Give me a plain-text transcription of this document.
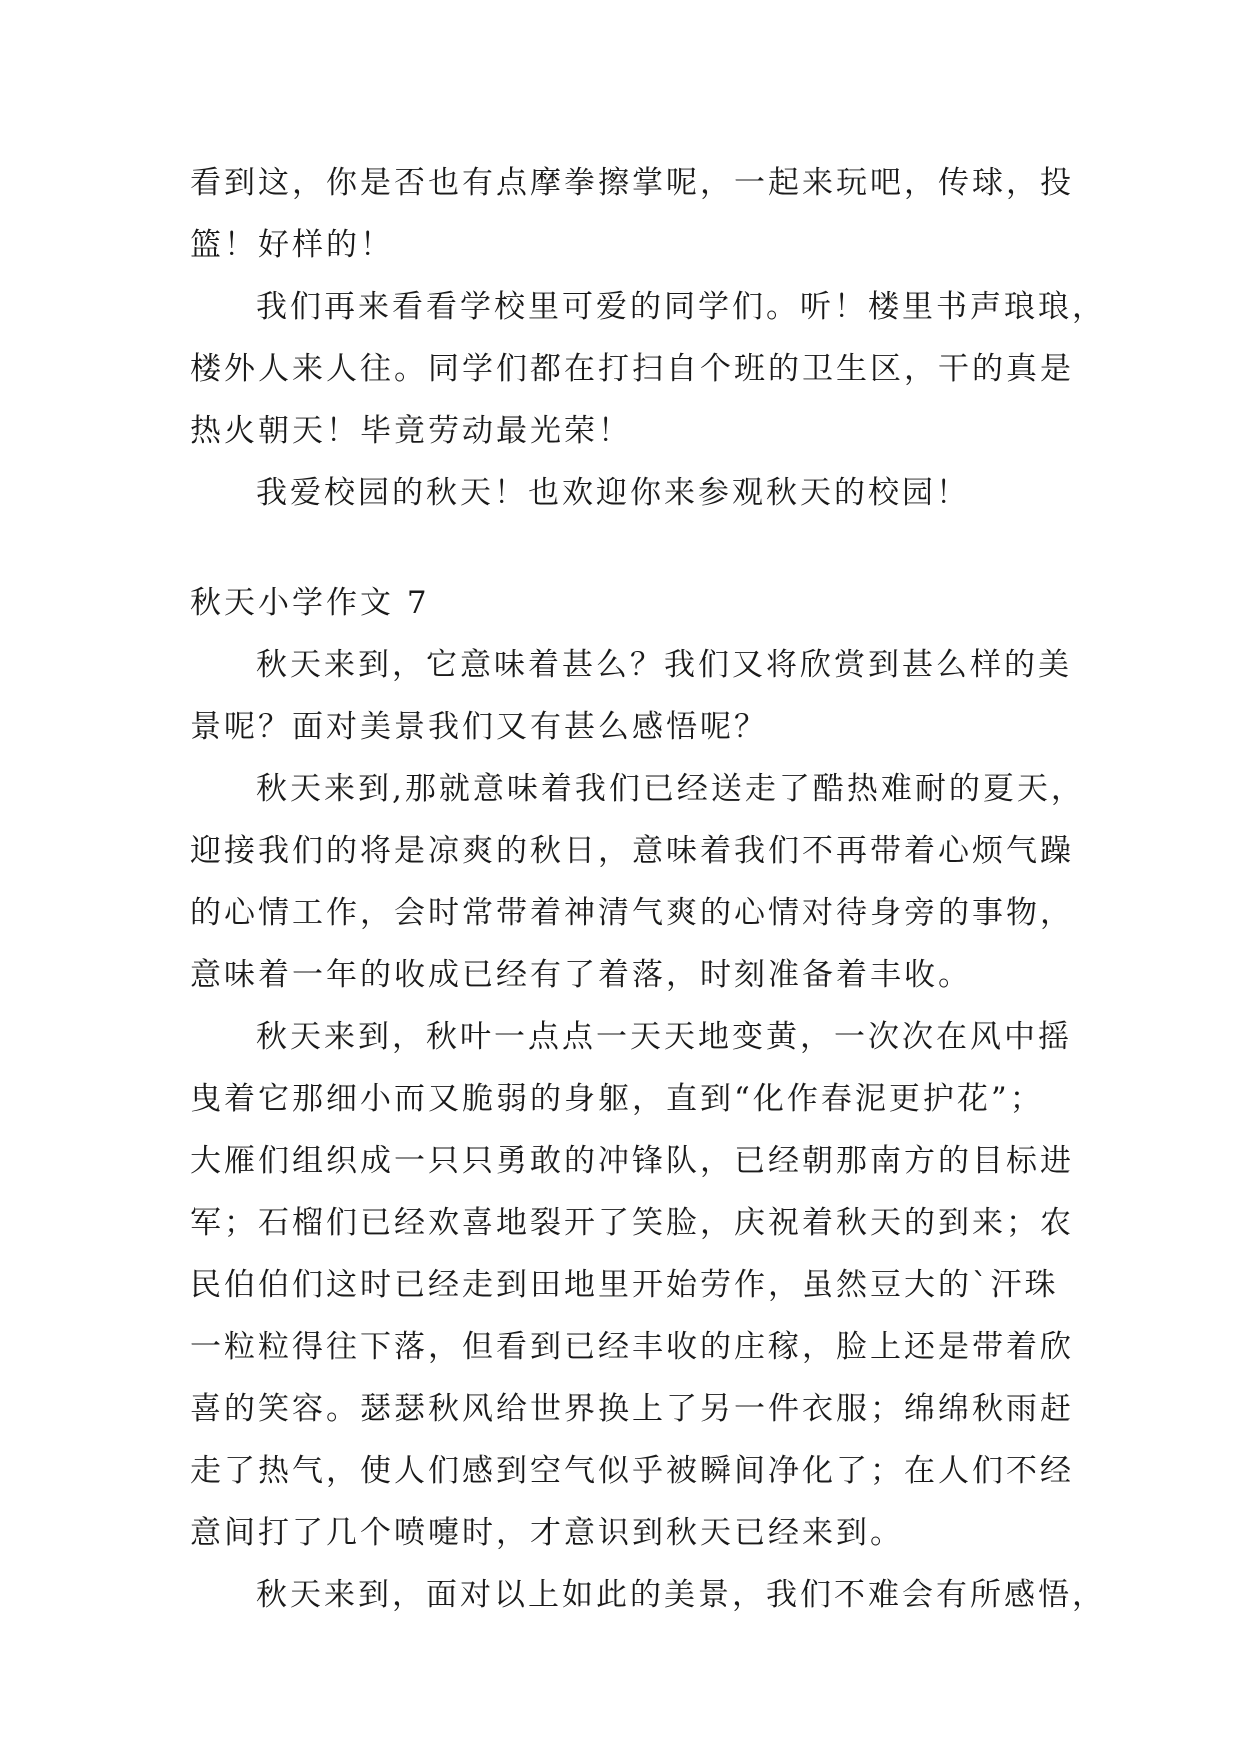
看到这，你是否也有点摩拳擦掌呢，一起来玩吧，传球，投

篮！好样的！

我们再来看看学校里可爱的同学们。听！楼里书声琅琅，

楼外人来人往。同学们都在打扫自个班的卫生区，干的真是

热火朝天！毕竟劳动最光荣！

我爱校园的秋天！也欢迎你来参观秋天的校园！

秋天小学作文 7

秋天来到，它意味着甚么？我们又将欣赏到甚么样的美

景呢？面对美景我们又有甚么感悟呢？

秋天来到,那就意味着我们已经送走了酷热难耐的夏天，

迎接我们的将是凉爽的秋日，意味着我们不再带着心烦气躁

的心情工作，会时常带着神清气爽的心情对待身旁的事物，

意味着一年的收成已经有了着落，时刻准备着丰收。

秋天来到，秋叶一点点一天天地变黄，一次次在风中摇

曳着它那细小而又脆弱的身躯，直到“化作春泥更护花”；

大雁们组织成一只只勇敢的冲锋队，已经朝那南方的目标进

军；石榴们已经欢喜地裂开了笑脸，庆祝着秋天的到来；农

民伯伯们这时已经走到田地里开始劳作，虽然豆大的`汗珠

一粒粒得往下落，但看到已经丰收的庄稼，脸上还是带着欣

喜的笑容。瑟瑟秋风给世界换上了另一件衣服；绵绵秋雨赶

走了热气，使人们感到空气似乎被瞬间净化了；在人们不经

意间打了几个喷嚏时，才意识到秋天已经来到。

秋天来到，面对以上如此的美景，我们不难会有所感悟，
